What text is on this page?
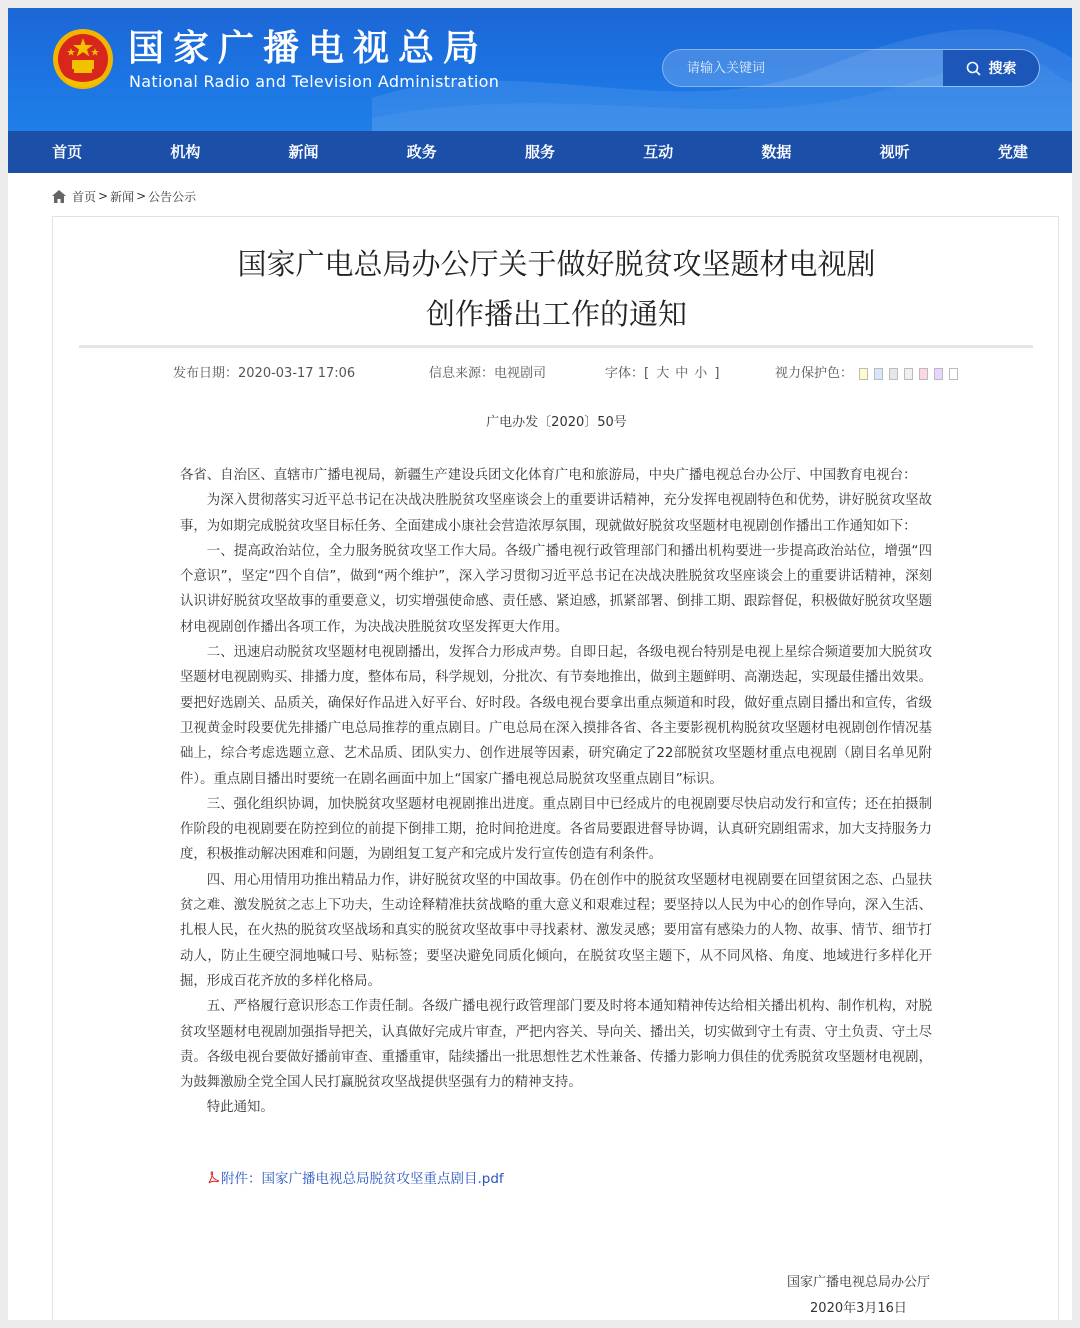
国家广播电视总局
National Radio and Television Administration
请输入关键词
搜索
首页	机构	新闻	政务	服务	互动	数据	视听	党建
首页 > 新闻 > 公告公示
国家广电总局办公厅关于做好脱贫攻坚题材电视剧
创作播出工作的通知
发布日期：2020-03-17 17:06	信息来源：电视剧司	字体：[ 大 中 小 ]	视力保护色：
广电办发〔2020〕50号

各省、自治区、直辖市广播电视局，新疆生产建设兵团文化体育广电和旅游局，中央广播电视总台办公厅、中国教育电视台：

为深入贯彻落实习近平总书记在决战决胜脱贫攻坚座谈会上的重要讲话精神，充分发挥电视剧特色和优势，讲好脱贫攻坚故事，为如期完成脱贫攻坚目标任务、全面建成小康社会营造浓厚氛围，现就做好脱贫攻坚题材电视剧创作播出工作通知如下：

一、提高政治站位，全力服务脱贫攻坚工作大局。各级广播电视行政管理部门和播出机构要进一步提高政治站位，增强“四个意识”，坚定“四个自信”，做到“两个维护”，深入学习贯彻习近平总书记在决战决胜脱贫攻坚座谈会上的重要讲话精神，深刻认识讲好脱贫攻坚故事的重要意义，切实增强使命感、责任感、紧迫感，抓紧部署、倒排工期、跟踪督促，积极做好脱贫攻坚题材电视剧创作播出各项工作，为决战决胜脱贫攻坚发挥更大作用。

二、迅速启动脱贫攻坚题材电视剧播出，发挥合力形成声势。自即日起，各级电视台特别是电视上星综合频道要加大脱贫攻坚题材电视剧购买、排播力度，整体布局，科学规划，分批次、有节奏地推出，做到主题鲜明、高潮迭起，实现最佳播出效果。要把好选剧关、品质关，确保好作品进入好平台、好时段。各级电视台要拿出重点频道和时段，做好重点剧目播出和宣传，省级卫视黄金时段要优先排播广电总局推荐的重点剧目。广电总局在深入摸排各省、各主要影视机构脱贫攻坚题材电视剧创作情况基础上，综合考虑选题立意、艺术品质、团队实力、创作进展等因素，研究确定了22部脱贫攻坚题材重点电视剧（剧目名单见附件）。重点剧目播出时要统一在剧名画面中加上“国家广播电视总局脱贫攻坚重点剧目”标识。

三、强化组织协调，加快脱贫攻坚题材电视剧推出进度。重点剧目中已经成片的电视剧要尽快启动发行和宣传；还在拍摄制作阶段的电视剧要在防控到位的前提下倒排工期，抢时间抢进度。各省局要跟进督导协调，认真研究剧组需求，加大支持服务力度，积极推动解决困难和问题，为剧组复工复产和完成片发行宣传创造有利条件。

四、用心用情用功推出精品力作，讲好脱贫攻坚的中国故事。仍在创作中的脱贫攻坚题材电视剧要在回望贫困之态、凸显扶贫之难、激发脱贫之志上下功夫，生动诠释精准扶贫战略的重大意义和艰难过程；要坚持以人民为中心的创作导向，深入生活、扎根人民，在火热的脱贫攻坚战场和真实的脱贫攻坚故事中寻找素材、激发灵感；要用富有感染力的人物、故事、情节、细节打动人，防止生硬空洞地喊口号、贴标签；要坚决避免同质化倾向，在脱贫攻坚主题下，从不同风格、角度、地域进行多样化开掘，形成百花齐放的多样化格局。

五、严格履行意识形态工作责任制。各级广播电视行政管理部门要及时将本通知精神传达给相关播出机构、制作机构，对脱贫攻坚题材电视剧加强指导把关，认真做好完成片审查，严把内容关、导向关、播出关，切实做到守土有责、守土负责、守土尽责。各级电视台要做好播前审查、重播重审，陆续播出一批思想性艺术性兼备、传播力影响力俱佳的优秀脱贫攻坚题材电视剧，为鼓舞激励全党全国人民打赢脱贫攻坚战提供坚强有力的精神支持。

特此通知。

附件：国家广播电视总局脱贫攻坚重点剧目.pdf
国家广播电视总局办公厅
2020年3月16日
